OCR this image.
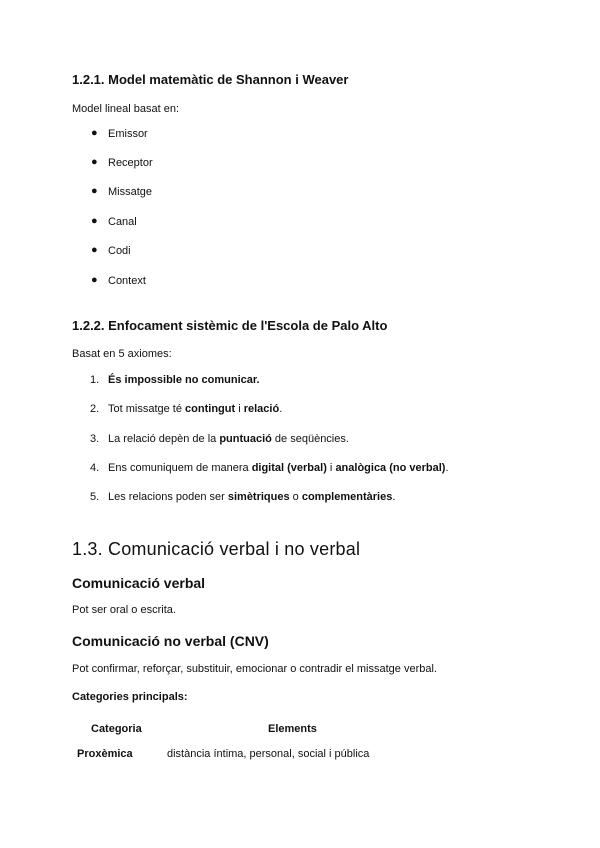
1.2.1. Model matemàtic de Shannon i Weaver

Model lineal basat en:

● Emissor
● Receptor
● Missatge
● Canal
● Codi
● Context
1.2.2. Enfocament sistèmic de l'Escola de Palo Alto

Basat en 5 axiomes:

1. És impossible no comunicar.
2. Tot missatge té contingut i relació.
3. La relació depèn de la puntuació de seqüències.
4. Ens comuniquem de manera digital (verbal) i analògica (no verbal).
5. Les relacions poden ser simètriques o complementàries.
1.3. Comunicació verbal i no verbal
Comunicació verbal

Pot ser oral o escrita.

Comunicació no verbal (CNV)

Pot confirmar, reforçar, substituir, emocionar o contradir el missatge verbal.

Categories principals:

Categoria	Elements
Proxèmica	distància íntima, personal, social i pública
